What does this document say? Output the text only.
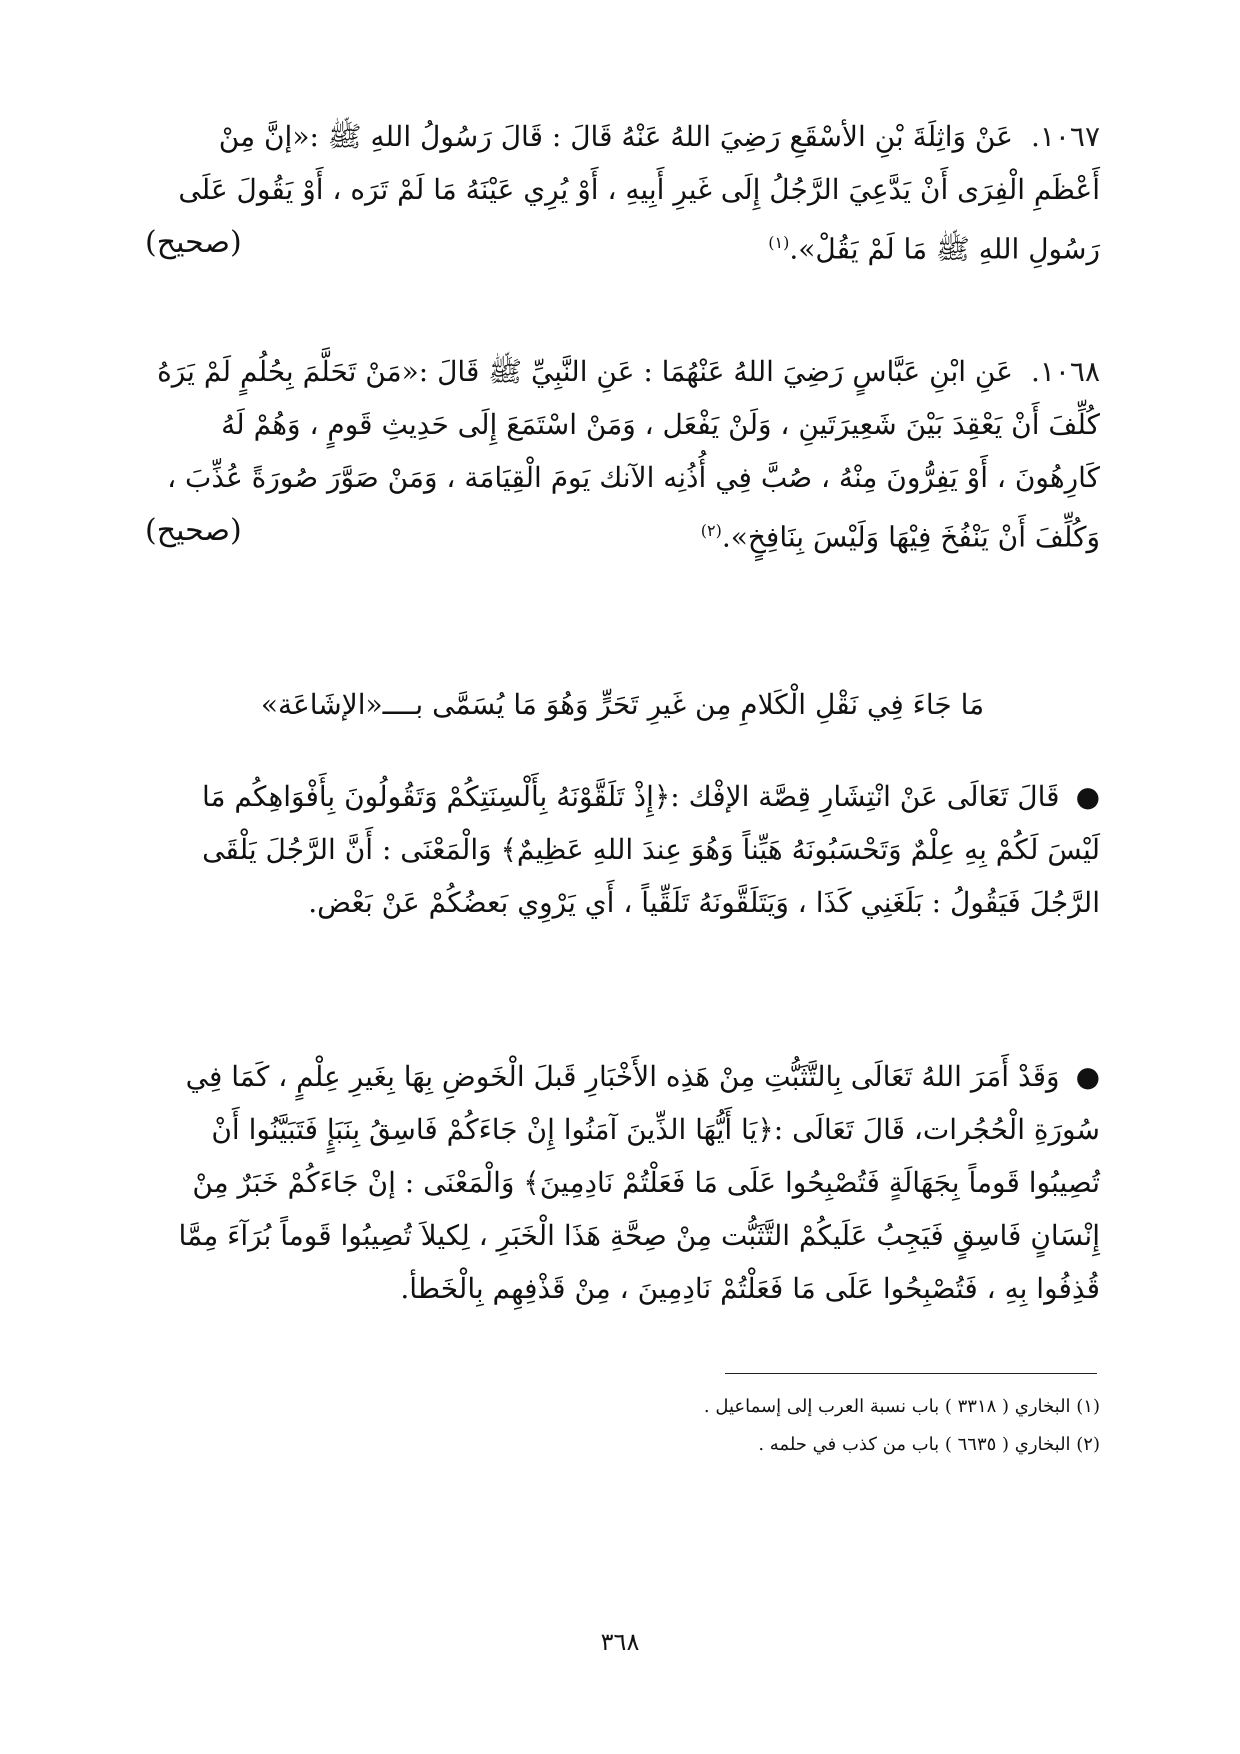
١٠٦٧.عَنْ وَاثِلَةَ بْنِ الأسْقَعِ رَضِيَ اللهُ عَنْهُ قَالَ : قَالَ رَسُولُ اللهِ ﷺ :«إنَّ مِنْ أَعْظَمِ الْفِرَى أَنْ يَدَّعِيَ الرَّجُلُ إِلَى غَيرِ أَبِيهِ ، أَوْ يُرِي عَيْنَهُ مَا لَمْ تَرَه ، أَوْ يَقُولَ عَلَى رَسُولِ اللهِ ﷺ مَا لَمْ يَقُلْ».$^{(١)}$
(صحيح)

١٠٦٨.عَنِ ابْنِ عَبَّاسٍ رَضِيَ اللهُ عَنْهُمَا : عَنِ النَّبِيِّ ﷺ قَالَ :«مَنْ تَحَلَّمَ بِحُلُمٍ لَمْ يَرَهُ كُلِّفَ أَنْ يَعْقِدَ بَيْنَ شَعِيرَتَينِ ، وَلَنْ يَفْعَل ، وَمَنْ اسْتَمَعَ إِلَى حَدِيثِ قَومٍ ، وَهُمْ لَهُ كَارِهُونَ ، أَوْ يَفِرُّونَ مِنْهُ ، صُبَّ فِي أُذُنِه الآنك يَومَ الْقِيَامَة ، وَمَنْ صَوَّرَ صُورَةً عُذِّبَ ، وَكُلِّفَ أَنْ يَنْفُخَ فِيْهَا وَلَيْسَ بِنَافِخٍ».$^{(٢)}$
(صحيح)

مَا جَاءَ فِي نَقْلِ الْكَلامِ مِن غَيرِ تَحَرٍّ وَهُوَ مَا يُسَمَّى بــــ«الإشَاعَة»

●قَالَ تَعَالَى عَنْ انْتِشَارِ قِصَّة الإفْك :﴿إِذْ تَلَقَّوْنَهُ بِأَلْسِنَتِكُمْ وَتَقُولُونَ بِأَفْوَاهِكُم مَا لَيْسَ لَكُمْ بِهِ عِلْمٌ وَتَحْسَبُونَهُ هَيِّناً وَهُوَ عِندَ اللهِ عَظِيمٌ﴾ وَالْمَعْنَى : أَنَّ الرَّجُلَ يَلْقَى الرَّجُلَ فَيَقُولُ : بَلَغَنِي كَذَا ، وَيَتَلَقَّونَهُ تَلَقِّياً ، أَي يَرْوِي بَعضُكُمْ عَنْ بَعْض.

●وَقَدْ أَمَرَ اللهُ تَعَالَى بِالتَّثَبُّتِ مِنْ هَذِه الأَخْبَارِ قَبلَ الْخَوضِ بِهَا بِغَيرِ عِلْمٍ ، كَمَا فِي سُورَةِ الْحُجُرات، قَالَ تَعَالَى :﴿يَا أَيُّهَا الذِّينَ آمَنُوا إِنْ جَاءَكُمْ فَاسِقُ بِنَبَإٍ فَتَبَيَّنُوا أَنْ تُصِيبُوا قَوماً بِجَهَالَةٍ فَتُصْبِحُوا عَلَى مَا فَعَلْتُمْ نَادِمِينَ﴾ وَالْمَعْنَى : إنْ جَاءَكُمْ خَبَرٌ مِنْ إِنْسَانٍ فَاسِقٍ فَيَجِبُ عَلَيكُمْ التَّثَبُّت مِنْ صِحَّةِ هَذَا الْخَبَرِ ، لِكيلاَ تُصِيبُوا قَوماً بُرَآءَ مِمَّا قُذِفُوا بِهِ ، فَتُصْبِحُوا عَلَى مَا فَعَلْتُمْ نَادِمِينَ ، مِنْ قَذْفِهِم بِالْخَطأ.

(١) البخاري ( ٣٣١٨ ) باب نسبة العرب إلى إسماعيل .

(٢) البخاري ( ٦٦٣٥ ) باب من كذب في حلمه .

٣٦٨
